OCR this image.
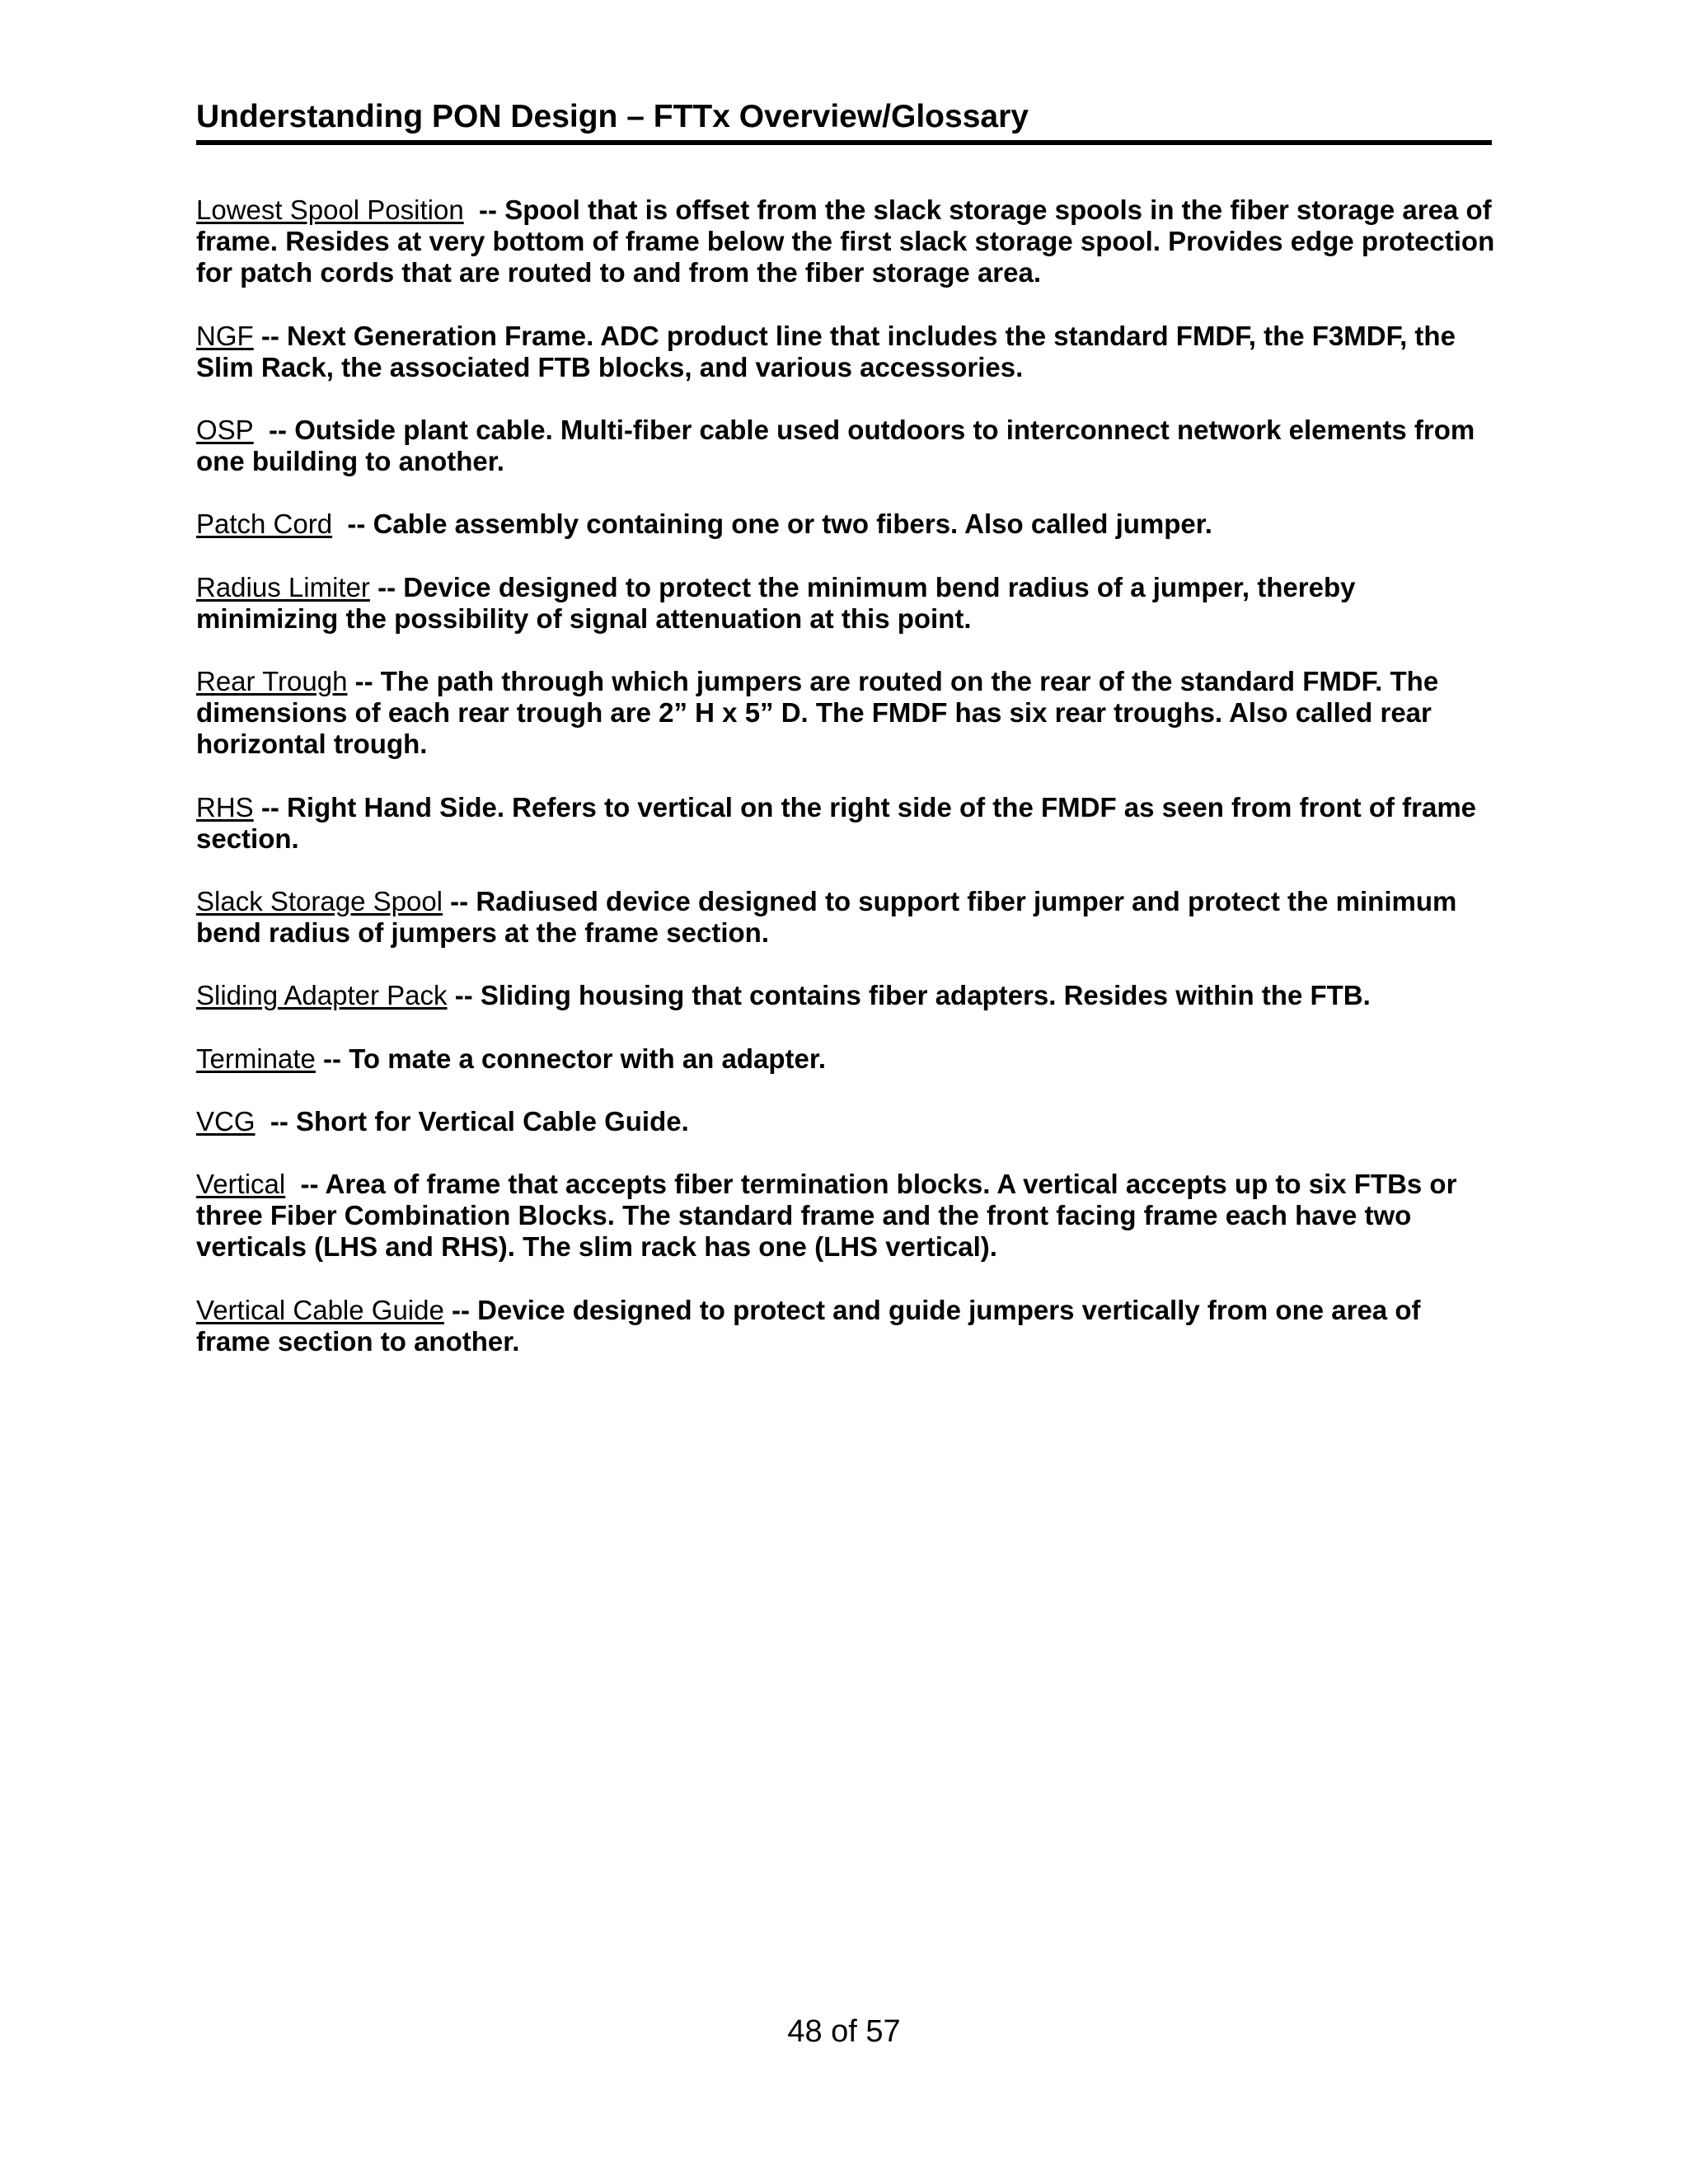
Understanding PON Design – FTTx Overview/Glossary

Lowest Spool Position  -- Spool that is offset from the slack storage spools in the fiber storage area of frame. Resides at very bottom of frame below the first slack storage spool. Provides edge protection for patch cords that are routed to and from the fiber storage area.

NGF -- Next Generation Frame. ADC product line that includes the standard FMDF, the F3MDF, the Slim Rack, the associated FTB blocks, and various accessories.

OSP  -- Outside plant cable. Multi-fiber cable used outdoors to interconnect network elements from one building to another.

Patch Cord  -- Cable assembly containing one or two fibers. Also called jumper.

Radius Limiter -- Device designed to protect the minimum bend radius of a jumper, thereby minimizing the possibility of signal attenuation at this point.

Rear Trough -- The path through which jumpers are routed on the rear of the standard FMDF. The dimensions of each rear trough are 2” H x 5” D. The FMDF has six rear troughs. Also called rear horizontal trough.

RHS -- Right Hand Side. Refers to vertical on the right side of the FMDF as seen from front of frame section.

Slack Storage Spool -- Radiused device designed to support fiber jumper and protect the minimum bend radius of jumpers at the frame section.

Sliding Adapter Pack -- Sliding housing that contains fiber adapters. Resides within the FTB.

Terminate -- To mate a connector with an adapter.

VCG  -- Short for Vertical Cable Guide.

Vertical  -- Area of frame that accepts fiber termination blocks. A vertical accepts up to six FTBs or three Fiber Combination Blocks. The standard frame and the front facing frame each have two verticals (LHS and RHS). The slim rack has one (LHS vertical).

Vertical Cable Guide -- Device designed to protect and guide jumpers vertically from one area of frame section to another.

48 of 57
